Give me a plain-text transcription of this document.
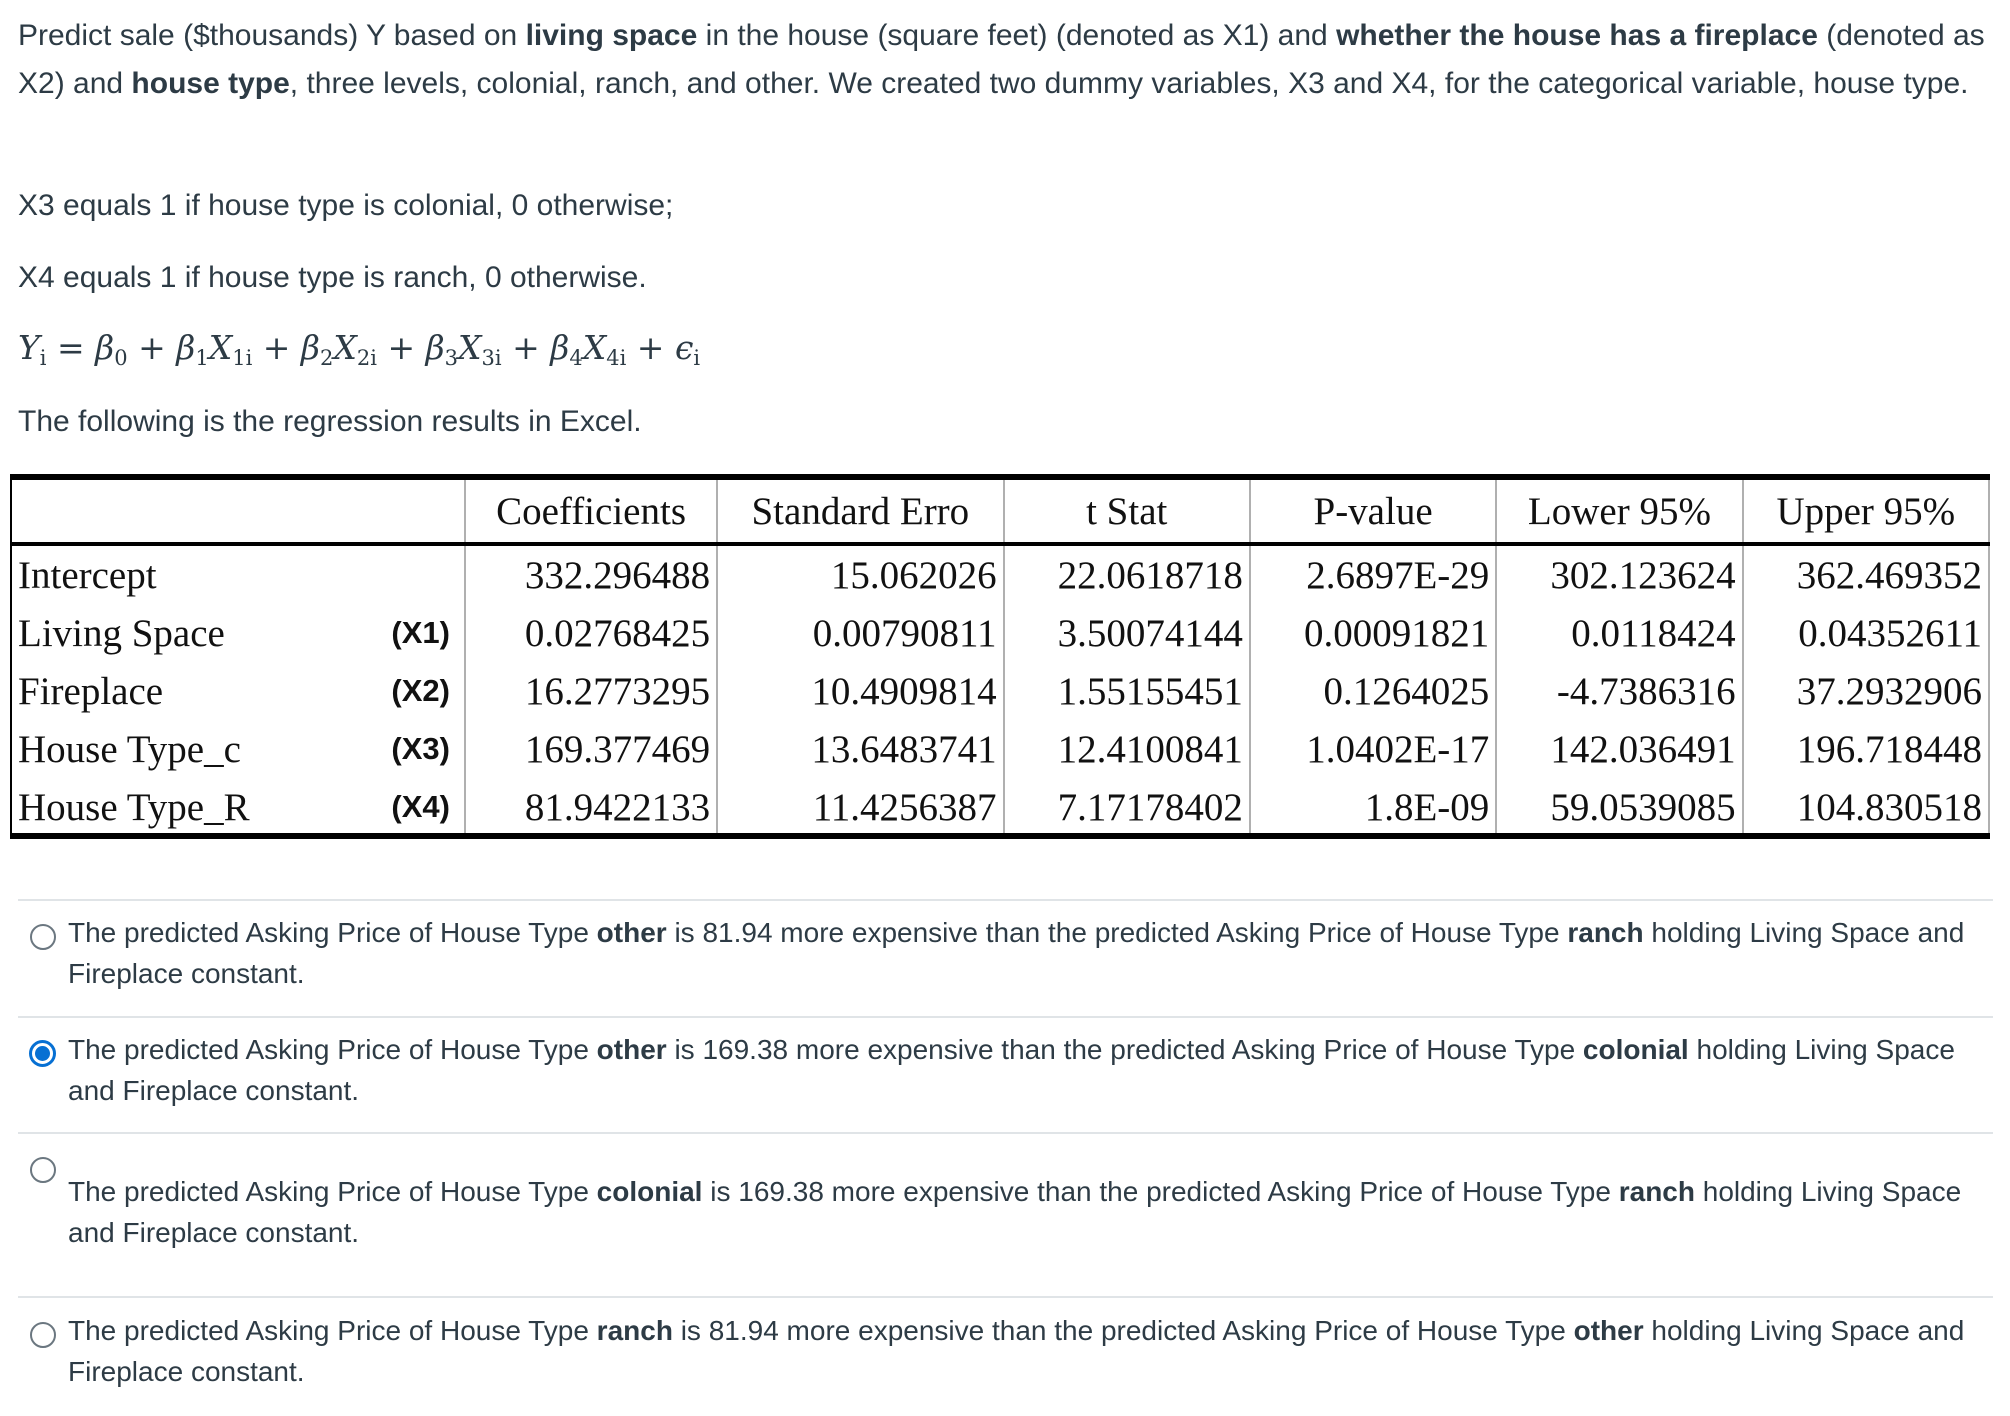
Predict sale ($thousands) Y based on living space in the house (square feet) (denoted as X1) and whether the house has a fireplace (denoted as X2) and house type, three levels, colonial, ranch, and other. We created two dummy variables, X3 and X4, for the categorical variable, house type.

X3 equals 1 if house type is colonial, 0 otherwise;

X4 equals 1 if house type is ranch, 0 otherwise.

$Y_i = \beta_0 + \beta_1X_{1i} + \beta_2X_{2i} + \beta_3X_{3i} + \beta_4X_{4i} + \epsilon_i$

The following is the regression results in Excel.

		Coefficients	Standard Erro	t Stat	P-value	Lower 95%	Upper 95%
Intercept		332.296488	15.062026	22.0618718	2.6897E-29	302.123624	362.469352
Living Space	(X1)	0.02768425	0.00790811	3.50074144	0.00091821	0.0118424	0.04352611
Fireplace	(X2)	16.2773295	10.4909814	1.55155451	0.1264025	-4.7386316	37.2932906
House Type_c	(X3)	169.377469	13.6483741	12.4100841	1.0402E-17	142.036491	196.718448
House Type_R	(X4)	81.9422133	11.4256387	7.17178402	1.8E-09	59.0539085	104.830518
The predicted Asking Price of House Type other is 81.94 more expensive than the predicted Asking Price of House Type ranch holding Living Space and Fireplace constant.
The predicted Asking Price of House Type other is 169.38 more expensive than the predicted Asking Price of House Type colonial holding Living Space and Fireplace constant.
The predicted Asking Price of House Type colonial is 169.38 more expensive than the predicted Asking Price of House Type ranch holding Living Space and Fireplace constant.
The predicted Asking Price of House Type ranch is 81.94 more expensive than the predicted Asking Price of House Type other holding Living Space and Fireplace constant.
